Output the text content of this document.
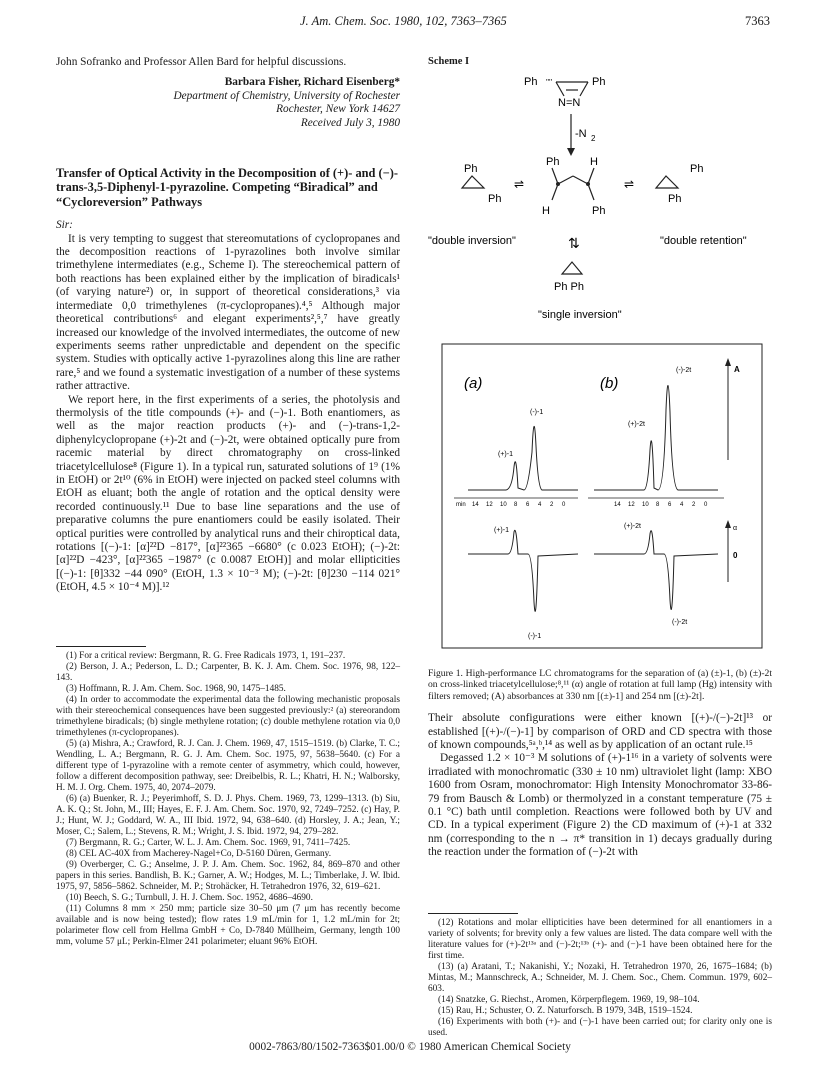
J. Am. Chem. Soc. 1980, 102, 7363–7365	7363

John Sofranko and Professor Allen Bard for helpful discussions.

Barbara Fisher, Richard Eisenberg*

Department of Chemistry, University of Rochester

Rochester, New York 14627

Received July 3, 1980

Transfer of Optical Activity in the Decomposition of (+)- and (−)-trans-3,5-Diphenyl-1-pyrazoline. Competing “Biradical” and “Cycloreversion” Pathways

Sir:

It is very tempting to suggest that stereomutations of cyclopropanes and the decomposition reactions of 1-pyrazolines both involve similar trimethylene intermediates (e.g., Scheme I). The stereochemical pattern of both reactions has been explained either by the implication of biradicals¹ (of varying nature²) or, in support of theoretical considerations,³ via intermediate 0,0 trimethylenes (π-cyclopropanes).⁴,⁵ Although major theoretical contributions⁶ and elegant experiments²,⁵,⁷ have greatly increased our knowledge of the involved intermediates, the outcome of new experiments seems rather unpredictable and dependent on the specific system. Studies with optically active 1-pyrazolines along this line are rather rare,⁵ and we found a systematic investigation of a number of these systems rather attractive.

We report here, in the first experiments of a series, the photolysis and thermolysis of the title compounds (+)- and (−)-1. Both enantiomers, as well as the major reaction products (+)- and (−)-trans-1,2-diphenylcyclopropane (+)-2t and (−)-2t, were obtained optically pure from racemic material by direct chromatography on cross-linked triacetylcellulose⁸ (Figure 1). In a typical run, saturated solutions of 1⁹ (1% in EtOH) or 2t¹⁰ (6% in EtOH) were injected on packed steel columns with EtOH as eluant; both the angle of rotation and the optical density were recorded continuously.¹¹ Due to base line separations and the use of preparative columns the pure enantiomers could be easily isolated. Their optical purities were controlled by analytical runs and their chiroptical data, rotations [(−)-1: [α]²²D −817°, [α]²²365 −6680° (c 0.023 EtOH); (−)-2t: [α]²²D −423°, [α]²²365 −1987° (c 0.0087 EtOH)] and molar ellipticities [(−)-1: [θ]332 −44 090° (EtOH, 1.3 × 10⁻³ M); (−)-2t: [θ]230 −114 021° (EtOH, 4.5 × 10⁻⁴ M)].¹²

(1) For a critical review: Bergmann, R. G. Free Radicals 1973, 1, 191–237.

(2) Berson, J. A.; Pederson, L. D.; Carpenter, B. K. J. Am. Chem. Soc. 1976, 98, 122–143.

(3) Hoffmann, R. J. Am. Chem. Soc. 1968, 90, 1475–1485.

(4) In order to accommodate the experimental data the following mechanistic proposals with their stereochemical consequences have been suggested previously:² (a) stereorandom trimethylene biradicals; (b) single methylene rotation; (c) double methylene rotation via 0,0 trimethylenes (π-cyclopropanes).

(5) (a) Mishra, A.; Crawford, R. J. Can. J. Chem. 1969, 47, 1515–1519. (b) Clarke, T. C.; Wendling, L. A.; Bergmann, R. G. J. Am. Chem. Soc. 1975, 97, 5638–5640. (c) For a different type of 1-pyrazoline with a remote center of asymmetry, which could, however, follow a different decomposition pathway, see: Dreibelbis, R. L.; Khatri, H. N.; Walborsky, H. M. J. Org. Chem. 1975, 40, 2074–2079.

(6) (a) Buenker, R. J.; Peyerimhoff, S. D. J. Phys. Chem. 1969, 73, 1299–1313. (b) Siu, A. K. Q.; St. John, M., III; Hayes, E. F. J. Am. Chem. Soc. 1970, 92, 7249–7252. (c) Hay, P. J.; Hunt, W. J.; Goddard, W. A., III Ibid. 1972, 94, 638–640. (d) Horsley, J. A.; Jean, Y.; Moser, C.; Salem, L.; Stevens, R. M.; Wright, J. S. Ibid. 1972, 94, 279–282.

(7) Bergmann, R. G.; Carter, W. L. J. Am. Chem. Soc. 1969, 91, 7411–7425.

(8) CEL AC-40X from Macherey-Nagel+Co, D-5160 Düren, Germany.

(9) Overberger, C. G.; Anselme, J. P. J. Am. Chem. Soc. 1962, 84, 869–870 and other papers in this series. Bandlish, B. K.; Garner, A. W.; Hodges, M. L.; Timberlake, J. W. Ibid. 1975, 97, 5856–5862. Schneider, M. P.; Strohäcker, H. Tetrahedron 1976, 32, 619–621.

(10) Beech, S. G.; Turnbull, J. H. J. Chem. Soc. 1952, 4686–4690.

(11) Columns 8 mm × 250 mm; particle size 30–50 μm (7 μm has recently become available and is now being tested); flow rates 1.9 mL/min for 1, 1.2 mL/min for 2t; polarimeter flow cell from Hellma GmbH + Co, D-7840 Müllheim, Germany, length 100 mm, volume 57 μL; Perkin-Elmer 241 polarimeter; eluant 96% EtOH.

Scheme I
Ph ''''	Ph
N=N
-N 2
Ph
Ph
⇌
Ph	H
H	Ph
⇌
Ph
Ph
"double inversion"	"double retention"
⇅
Ph Ph
"single inversion"
(a)	(b)
(-)-1
(+)-1
(-)-2t
(+)-2t
A
min 14 12 10 8 6 4 2 0	14 12 10 8 6 4 2 0
(+)-1
(-)-1
(+)-2t
(-)-2t
α
0

Figure 1. High-performance LC chromatograms for the separation of (a) (±)-1, (b) (±)-2t on cross-linked triacetylcellulose;⁸,¹¹ (α) angle of rotation at full lamp (Hg) intensity with filters removed; (A) absorbances at 330 nm [(±)-1] and 254 nm [(±)-2t].

Their absolute configurations were either known [(+)-/(−)-2t]¹³ or established [(+)-/(−)-1] by comparison of ORD and CD spectra with those of known compounds,⁵ᵃ,ᵇ,¹⁴ as well as by application of an octant rule.¹⁵

Degassed 1.2 × 10⁻³ M solutions of (+)-1¹⁶ in a variety of solvents were irradiated with monochromatic (330 ± 10 nm) ultraviolet light (lamp: XBO 1600 from Osram, monochromator: High Intensity Monochromator 33-86-79 from Bausch & Lomb) or thermolyzed in a constant temperature (75 ± 0.1 °C) bath until completion. Reactions were followed both by UV and CD. In a typical experiment (Figure 2) the CD maximum of (+)-1 at 332 nm (corresponding to the n → π* transition in 1) decays gradually during the reaction under the formation of (−)-2t with

(12) Rotations and molar ellipticities have been determined for all enantiomers in a variety of solvents; for brevity only a few values are listed. The data compare well with the literature values for (+)-2t¹³ᵃ and (−)-2t;¹³ᵇ (+)- and (−)-1 have been obtained here for the first time.

(13) (a) Aratani, T.; Nakanishi, Y.; Nozaki, H. Tetrahedron 1970, 26, 1675–1684; (b) Mintas, M.; Mannschreck, A.; Schneider, M. J. Chem. Soc., Chem. Commun. 1979, 602–603.

(14) Snatzke, G. Riechst., Aromen, Körperpflegem. 1969, 19, 98–104.

(15) Rau, H.; Schuster, O. Z. Naturforsch. B 1979, 34B, 1519–1524.

(16) Experiments with both (+)- and (−)-1 have been carried out; for clarity only one is used.

0002-7863/80/1502-7363$01.00/0 © 1980 American Chemical Society
